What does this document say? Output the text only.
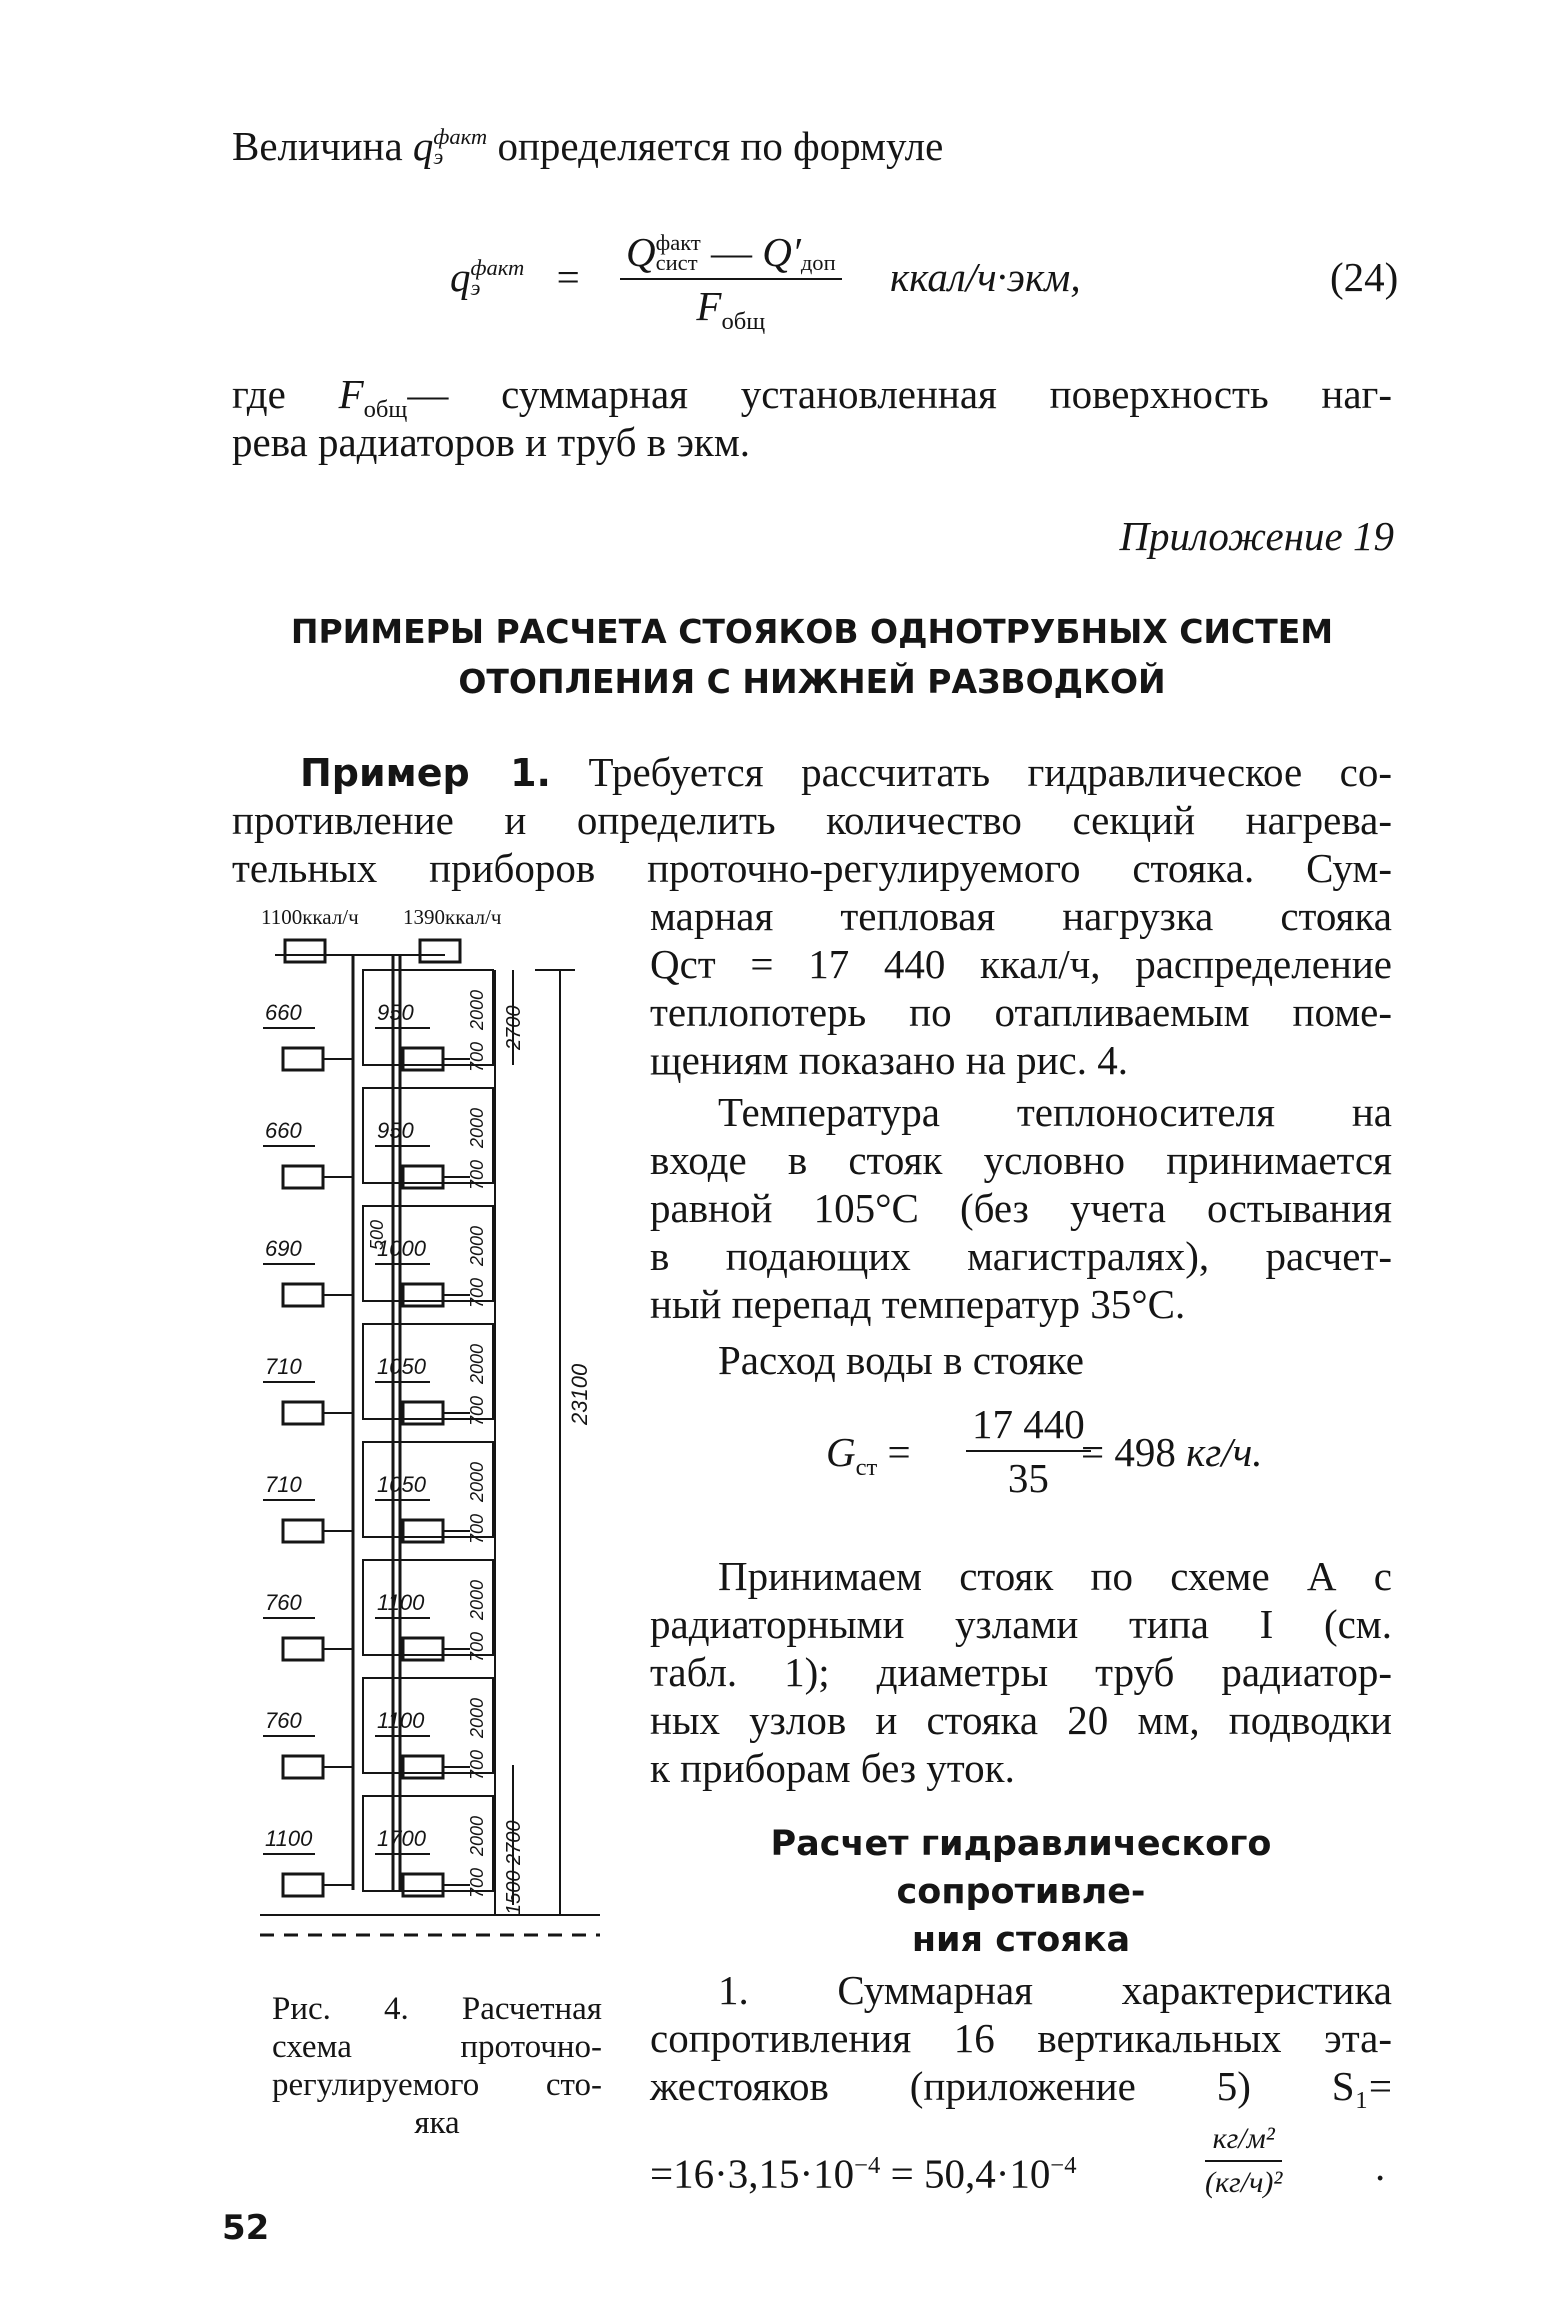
Величина qфакт
э определяется по формуле
qфакт
э =
Qфакт
сист — Q′
доп
$F_{общ}$
ккал/ч·экм,	(24)
где $F_{общ}—$ суммарная установленная поверхность наг-
рева радиаторов и труб в экм.
Приложение 19
ПРИМЕРЫ РАСЧЕТА СТОЯКОВ ОДНОТРУБНЫХ СИСТЕМ
ОТОПЛЕНИЯ С НИЖНЕЙ РАЗВОДКОЙ
Пример 1. Требуется рассчитать гидравлическое со-
противление и определить количество секций нагрева-
тельных приборов проточно-регулируемого стояка. Сум-
марная тепловая нагрузка стояка
Qст = 17 440 ккал/ч, распределение
теплопотерь по отапливаемым поме-
щениям показано на рис. 4.
Температура теплоносителя на
входе в стояк условно принимается
равной 105°С (без учета остывания
в подающих магистралях), расчет-
ный перепад температур 35°С.
Расход воды в стояке
$G_{ст} = \frac{17 440}{35}$
= 498 кг/ч.
Принимаем стояк по схеме А с
радиаторными узлами типа I (см.
табл. 1); диаметры труб радиатор-
ных узлов и стояка 20 мм, подводки
к приборам без уток.
Расчет гидравлического сопротивле-
ния стояка
1. Суммарная характеристика
сопротивления 16 вертикальных эта-
жестояков (приложение 5) S₁=
$=16\cdot 3,15\cdot 10^{-4} = 50,4\cdot 10^{-4}$
кг/м²
(кг/ч)² .
1100ккал/ч 1390ккал/ч
23100
2700
2700
1500
500
660	950
660	950
690	1000
710	1050
710	1050
760	1100
760	1100
1100	1700
2000
700
2000
700
2000
700
2000
700
2000
700
2000
700
2000
700
2000
700
Рис. 4. Расчетная
схема проточно-
регулируемого сто-
яка
52
